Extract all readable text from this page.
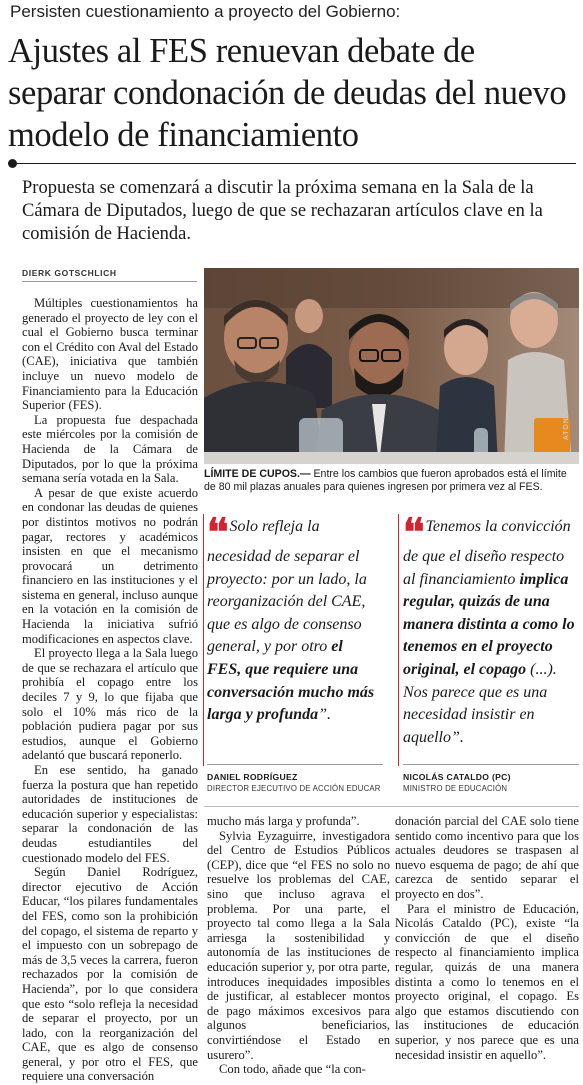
Persisten cuestionamiento a proyecto del Gobierno:
Ajustes al FES renuevan debate de separar condonación de deudas del nuevo modelo de financiamiento
Propuesta se comenzará a discutir la próxima semana en la Sala de la Cámara de Diputados, luego de que se rechazaran artículos clave en la comisión de Hacienda.
DIERK GOTSCHLICH

Múltiples cuestionamientos ha generado el proyecto de ley con el cual el Gobierno busca terminar con el Crédito con Aval del Estado (CAE), iniciativa que también incluye un nuevo modelo de Financiamiento para la Educación Superior (FES).

La propuesta fue despachada este miércoles por la comisión de Hacienda de la Cámara de Diputados, por lo que la próxima semana sería votada en la Sala.

A pesar de que existe acuerdo en condonar las deudas de quienes por distintos motivos no podrán pagar, rectores y académicos insisten en que el mecanismo provocará un detrimento financiero en las instituciones y el sistema en general, incluso aunque en la votación en la comisión de Hacienda la iniciativa sufrió modificaciones en aspectos clave.

El proyecto llega a la Sala luego de que se rechazara el artículo que prohibía el copago entre los deciles 7 y 9, lo que fijaba que solo el 10% más rico de la población pudiera pagar por sus estudios, aunque el Gobierno adelantó que buscará reponerlo.

En ese sentido, ha ganado fuerza la postura que han repetido autoridades de instituciones de educación superior y especialistas: separar la condonación de las deudas estudiantiles del cuestionado modelo del FES.

Según Daniel Rodríguez, director ejecutivo de Acción Educar, “los pilares fundamentales del FES, como son la prohibición del copago, el sistema de reparto y el impuesto con un sobrepago de más de 3,5 veces la carrera, fueron rechazados por la comisión de Hacienda”, por lo que considera que esto “solo refleja la necesidad de separar el proyecto, por un lado, con la reorganización del CAE, que es algo de consenso general, y por otro el FES, que requiere una conversación

ATON
LÍMITE DE CUPOS.— Entre los cambios que fueron aprobados está el límite de 80 mil plazas anuales para quienes ingresen por primera vez al FES.
❛❛ Solo refleja la necesidad de separar el proyecto: por un lado, la reorganización del CAE, que es algo de consenso general, y por otro el FES, que requiere una conversación mucho más larga y profunda”.
DANIEL RODRÍGUEZ
DIRECTOR EJECUTIVO DE ACCIÓN EDUCAR
❛❛ Tenemos la convicción de que el diseño respecto al financiamiento implica regular, quizás de una manera distinta a como lo tenemos en el proyecto original, el copago (...). Nos parece que es una necesidad insistir en aquello”.
NICOLÁS CATALDO (PC)
MINISTRO DE EDUCACIÓN

mucho más larga y profunda”.

Sylvia Eyzaguirre, investigadora del Centro de Estudios Públicos (CEP), dice que “el FES no solo no resuelve los problemas del CAE, sino que incluso agrava el problema. Por una parte, el proyecto tal como llega a la Sala arriesga la sostenibilidad y autonomía de las instituciones de educación superior y, por otra parte, introduces inequidades imposibles de justificar, al establecer montos de pago máximos excesivos para algunos beneficiarios, convirtiéndose el Estado en usurero”.

Con todo, añade que “la con-

donación parcial del CAE solo tiene sentido como incentivo para que los actuales deudores se traspasen al nuevo esquema de pago; de ahí que carezca de sentido separar el proyecto en dos”.

Para el ministro de Educación, Nicolás Cataldo (PC), existe “la convicción de que el diseño respecto al financiamiento implica regular, quizás de una manera distinta a como lo tenemos en el proyecto original, el copago. Es algo que estamos discutiendo con las instituciones de educación superior, y nos parece que es una necesidad insistir en aquello”.
